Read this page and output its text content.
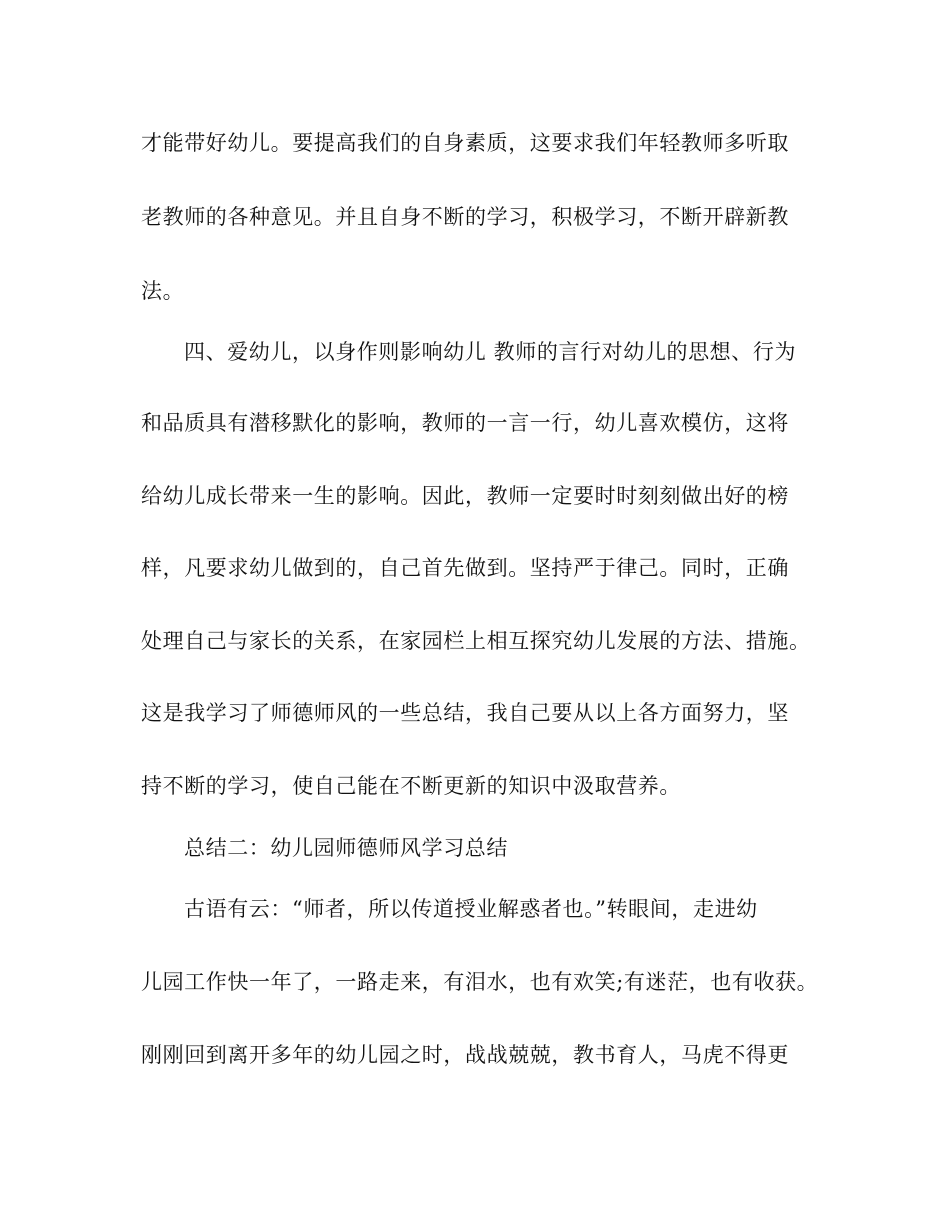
才能带好幼儿。要提高我们的自身素质，这要求我们年轻教师多听取
老教师的各种意见。并且自身不断的学习，积极学习，不断开辟新教
法。
四、爱幼儿，以身作则影响幼儿 教师的言行对幼儿的思想、行为
和品质具有潜移默化的影响，教师的一言一行，幼儿喜欢模仿，这将
给幼儿成长带来一生的影响。因此，教师一定要时时刻刻做出好的榜
样，凡要求幼儿做到的，自己首先做到。坚持严于律己。同时，正确
处理自己与家长的关系，在家园栏上相互探究幼儿发展的方法、措施。
这是我学习了师德师风的一些总结，我自己要从以上各方面努力，坚
持不断的学习，使自己能在不断更新的知识中汲取营养。
总结二：幼儿园师德师风学习总结
古语有云：“师者，所以传道授业解惑者也。”转眼间，走进幼
儿园工作快一年了，一路走来，有泪水，也有欢笑;有迷茫，也有收获。
刚刚回到离开多年的幼儿园之时，战战兢兢，教书育人，马虎不得更
